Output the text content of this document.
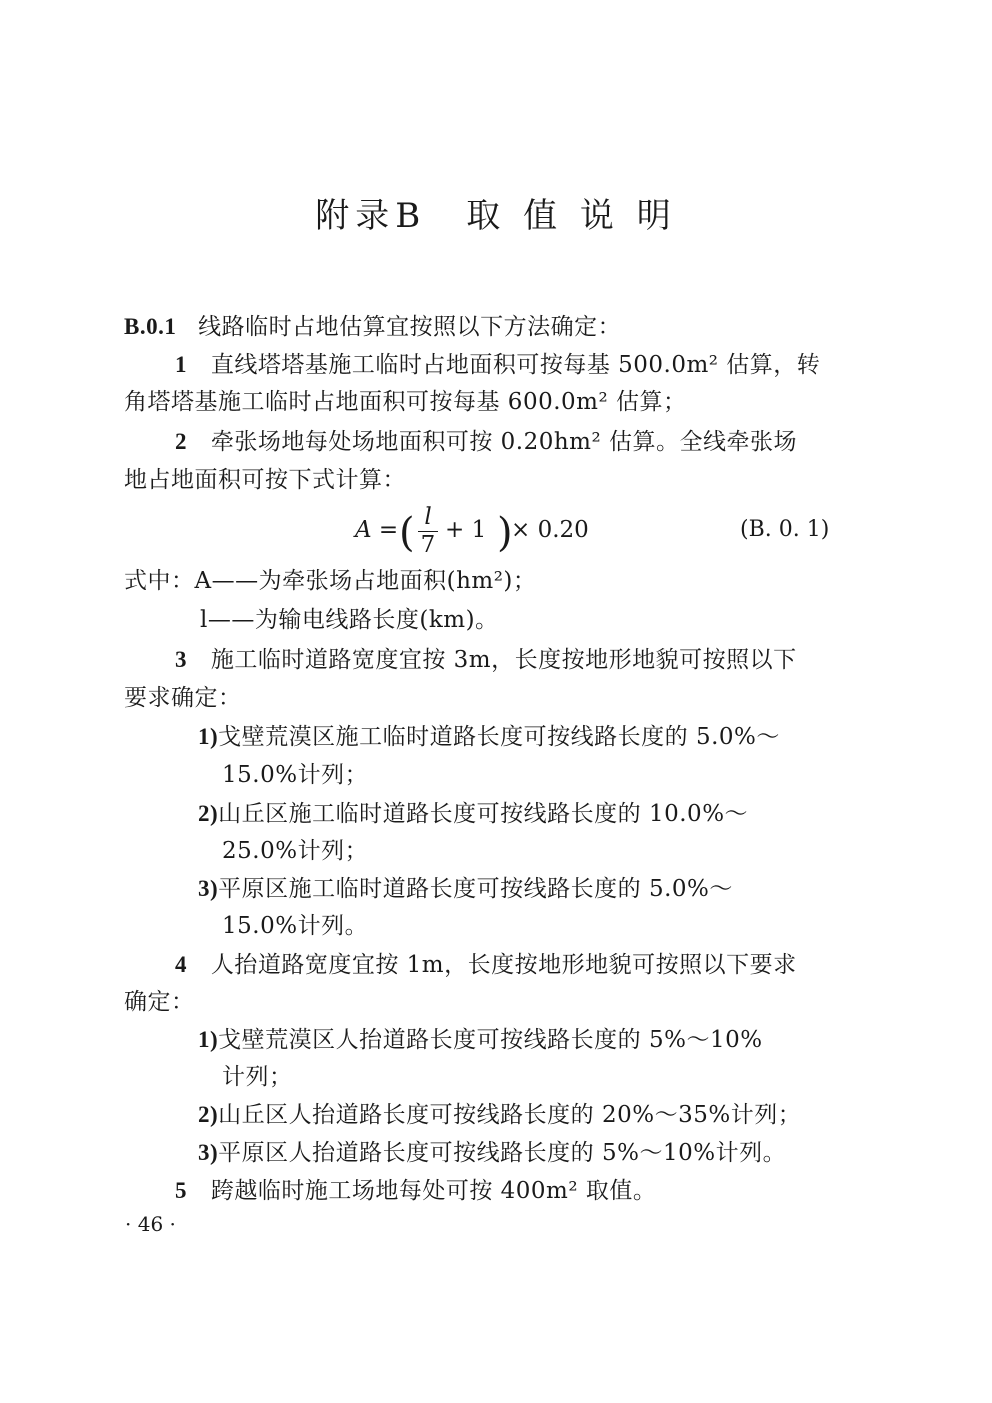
附录B　取 值 说 明
B.0.1 线路临时占地估算宜按照以下方法确定：
1 直线塔塔基施工临时占地面积可按每基 500.0m² 估算，转
角塔塔基施工临时占地面积可按每基 600.0m² 估算；
2 牵张场地每处场地面积可按 0.20hm² 估算。全线牵张场
地占地面积可按下式计算：
A = ( l
7
+ 1 )
× 0.20	(B. 0. 1)
式中：A——为牵张场占地面积(hm²)；
l——为输电线路长度(km)。
3 施工临时道路宽度宜按 3m，长度按地形地貌可按照以下
要求确定：
1)戈壁荒漠区施工临时道路长度可按线路长度的 5.0%～
15.0%计列；
2)山丘区施工临时道路长度可按线路长度的 10.0%～
25.0%计列；
3)平原区施工临时道路长度可按线路长度的 5.0%～
15.0%计列。
4 人抬道路宽度宜按 1m，长度按地形地貌可按照以下要求
确定：
1)戈壁荒漠区人抬道路长度可按线路长度的 5%～10%
计列；
2)山丘区人抬道路长度可按线路长度的 20%～35%计列；
3)平原区人抬道路长度可按线路长度的 5%～10%计列。
5 跨越临时施工场地每处可按 400m² 取值。
· 46 ·
